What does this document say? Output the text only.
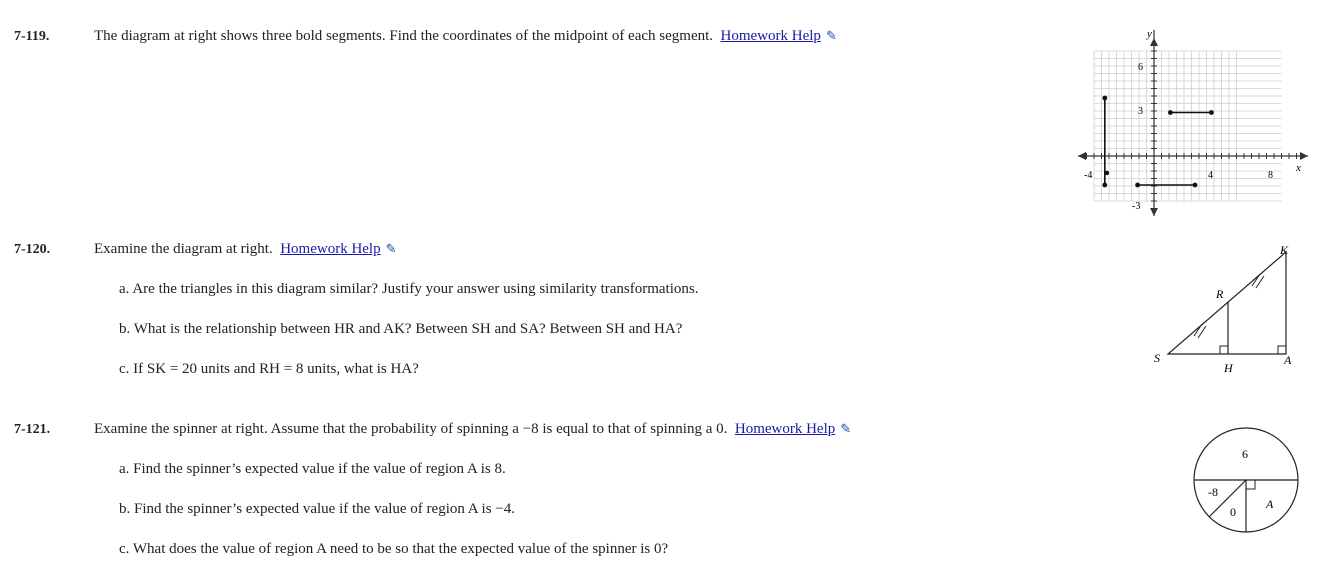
7-119.	The diagram at right shows three bold segments. Find the coordinates of the midpoint of each segment. Homework Help ✎
7-120.	Examine the diagram at right. Homework Help ✎
a. Are the triangles in this diagram similar? Justify your answer using similarity transformations.
b. What is the relationship between HR and AK? Between SH and SA? Between SH and HA?
c. If SK = 20 units and RH = 8 units, what is HA?
7-121.	Examine the spinner at right. Assume that the probability of spinning a −8 is equal to that of spinning a 0. Homework Help ✎
a. Find the spinner’s expected value if the value of region A is 8.
b. Find the spinner’s expected value if the value of region A is −4.
c. What does the value of region A need to be so that the expected value of the spinner is 0?
x
y
-4	4	8
6
3
-3
S
R
H
K
A
6
-8
0
A
